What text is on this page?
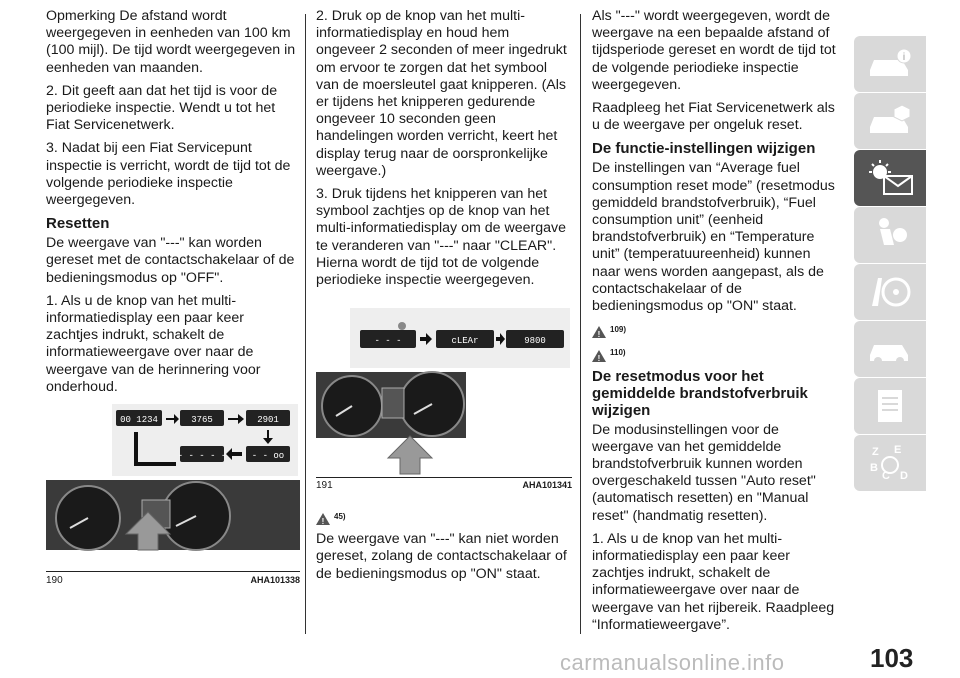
Opmerking De afstand wordt weergegeven in eenheden van 100 km (100 mijl). De tijd wordt weergegeven in eenheden van maanden.

2. Dit geeft aan dat het tijd is voor de periodieke inspectie. Wendt u tot het Fiat Servicenetwerk.

3. Nadat bij een Fiat Servicepunt inspectie is verricht, wordt de tijd tot de volgende periodieke inspectie weergegeven.

Resetten

De weergave van "---" kan worden gereset met de contactschakelaar of de bedieningsmodus op "OFF".

1. Als u de knop van het multi-informatiedisplay een paar keer zachtjes indrukt, schakelt de informatieweergave over naar de weergave van de herinnering voor onderhoud.

00 1234	3765	2901
- - - - -	- - oo
190	AHA101338

2. Druk op de knop van het multi-informatiedisplay en houd hem ongeveer 2 seconden of meer ingedrukt om ervoor te zorgen dat het symbool van de moersleutel gaat knipperen. (Als er tijdens het knipperen gedurende ongeveer 10 seconden geen handelingen worden verricht, keert het display terug naar de oorspronkelijke weergave.)

3. Druk tijdens het knipperen van het symbool zachtjes op de knop van het multi-informatiedisplay om de weergave te veranderen van "---" naar "CLEAR". Hierna wordt de tijd tot de volgende periodieke inspectie weergegeven.

- - -	cLEAr	9800
191	AHA101341
!
45)

De weergave van "---" kan niet worden gereset, zolang de contactschakelaar of de bedieningsmodus op "ON" staat.

Als "---" wordt weergegeven, wordt de weergave na een bepaalde afstand of tijdsperiode gereset en wordt de tijd tot de volgende periodieke inspectie weergegeven.

Raadpleeg het Fiat Servicenetwerk als u de weergave per ongeluk reset.

De functie-instellingen wijzigen

De instellingen van “Average fuel consumption reset mode” (resetmodus gemiddeld brandstofverbruik), “Fuel consumption unit” (eenheid brandstofverbruik) en “Temperature unit” (temperatuureenheid) kunnen naar wens worden aangepast, als de contactschakelaar of de bedieningsmodus op "ON" staat.

!
109)
!
110)
De resetmodus voor het gemiddelde brandstofverbruik wijzigen

De modusinstellingen voor de weergave van het gemiddelde brandstofverbruik kunnen worden overgeschakeld tussen "Auto reset" (automatisch resetten) en "Manual reset" (handmatig resetten).

1. Als u de knop van het multi-informatiedisplay een paar keer zachtjes indrukt, schakelt de informatieweergave over naar de weergave van het rijbereik. Raadpleeg “Informatieweergave”.

i
Z E
B
C D
carmanualsonline.info	103
